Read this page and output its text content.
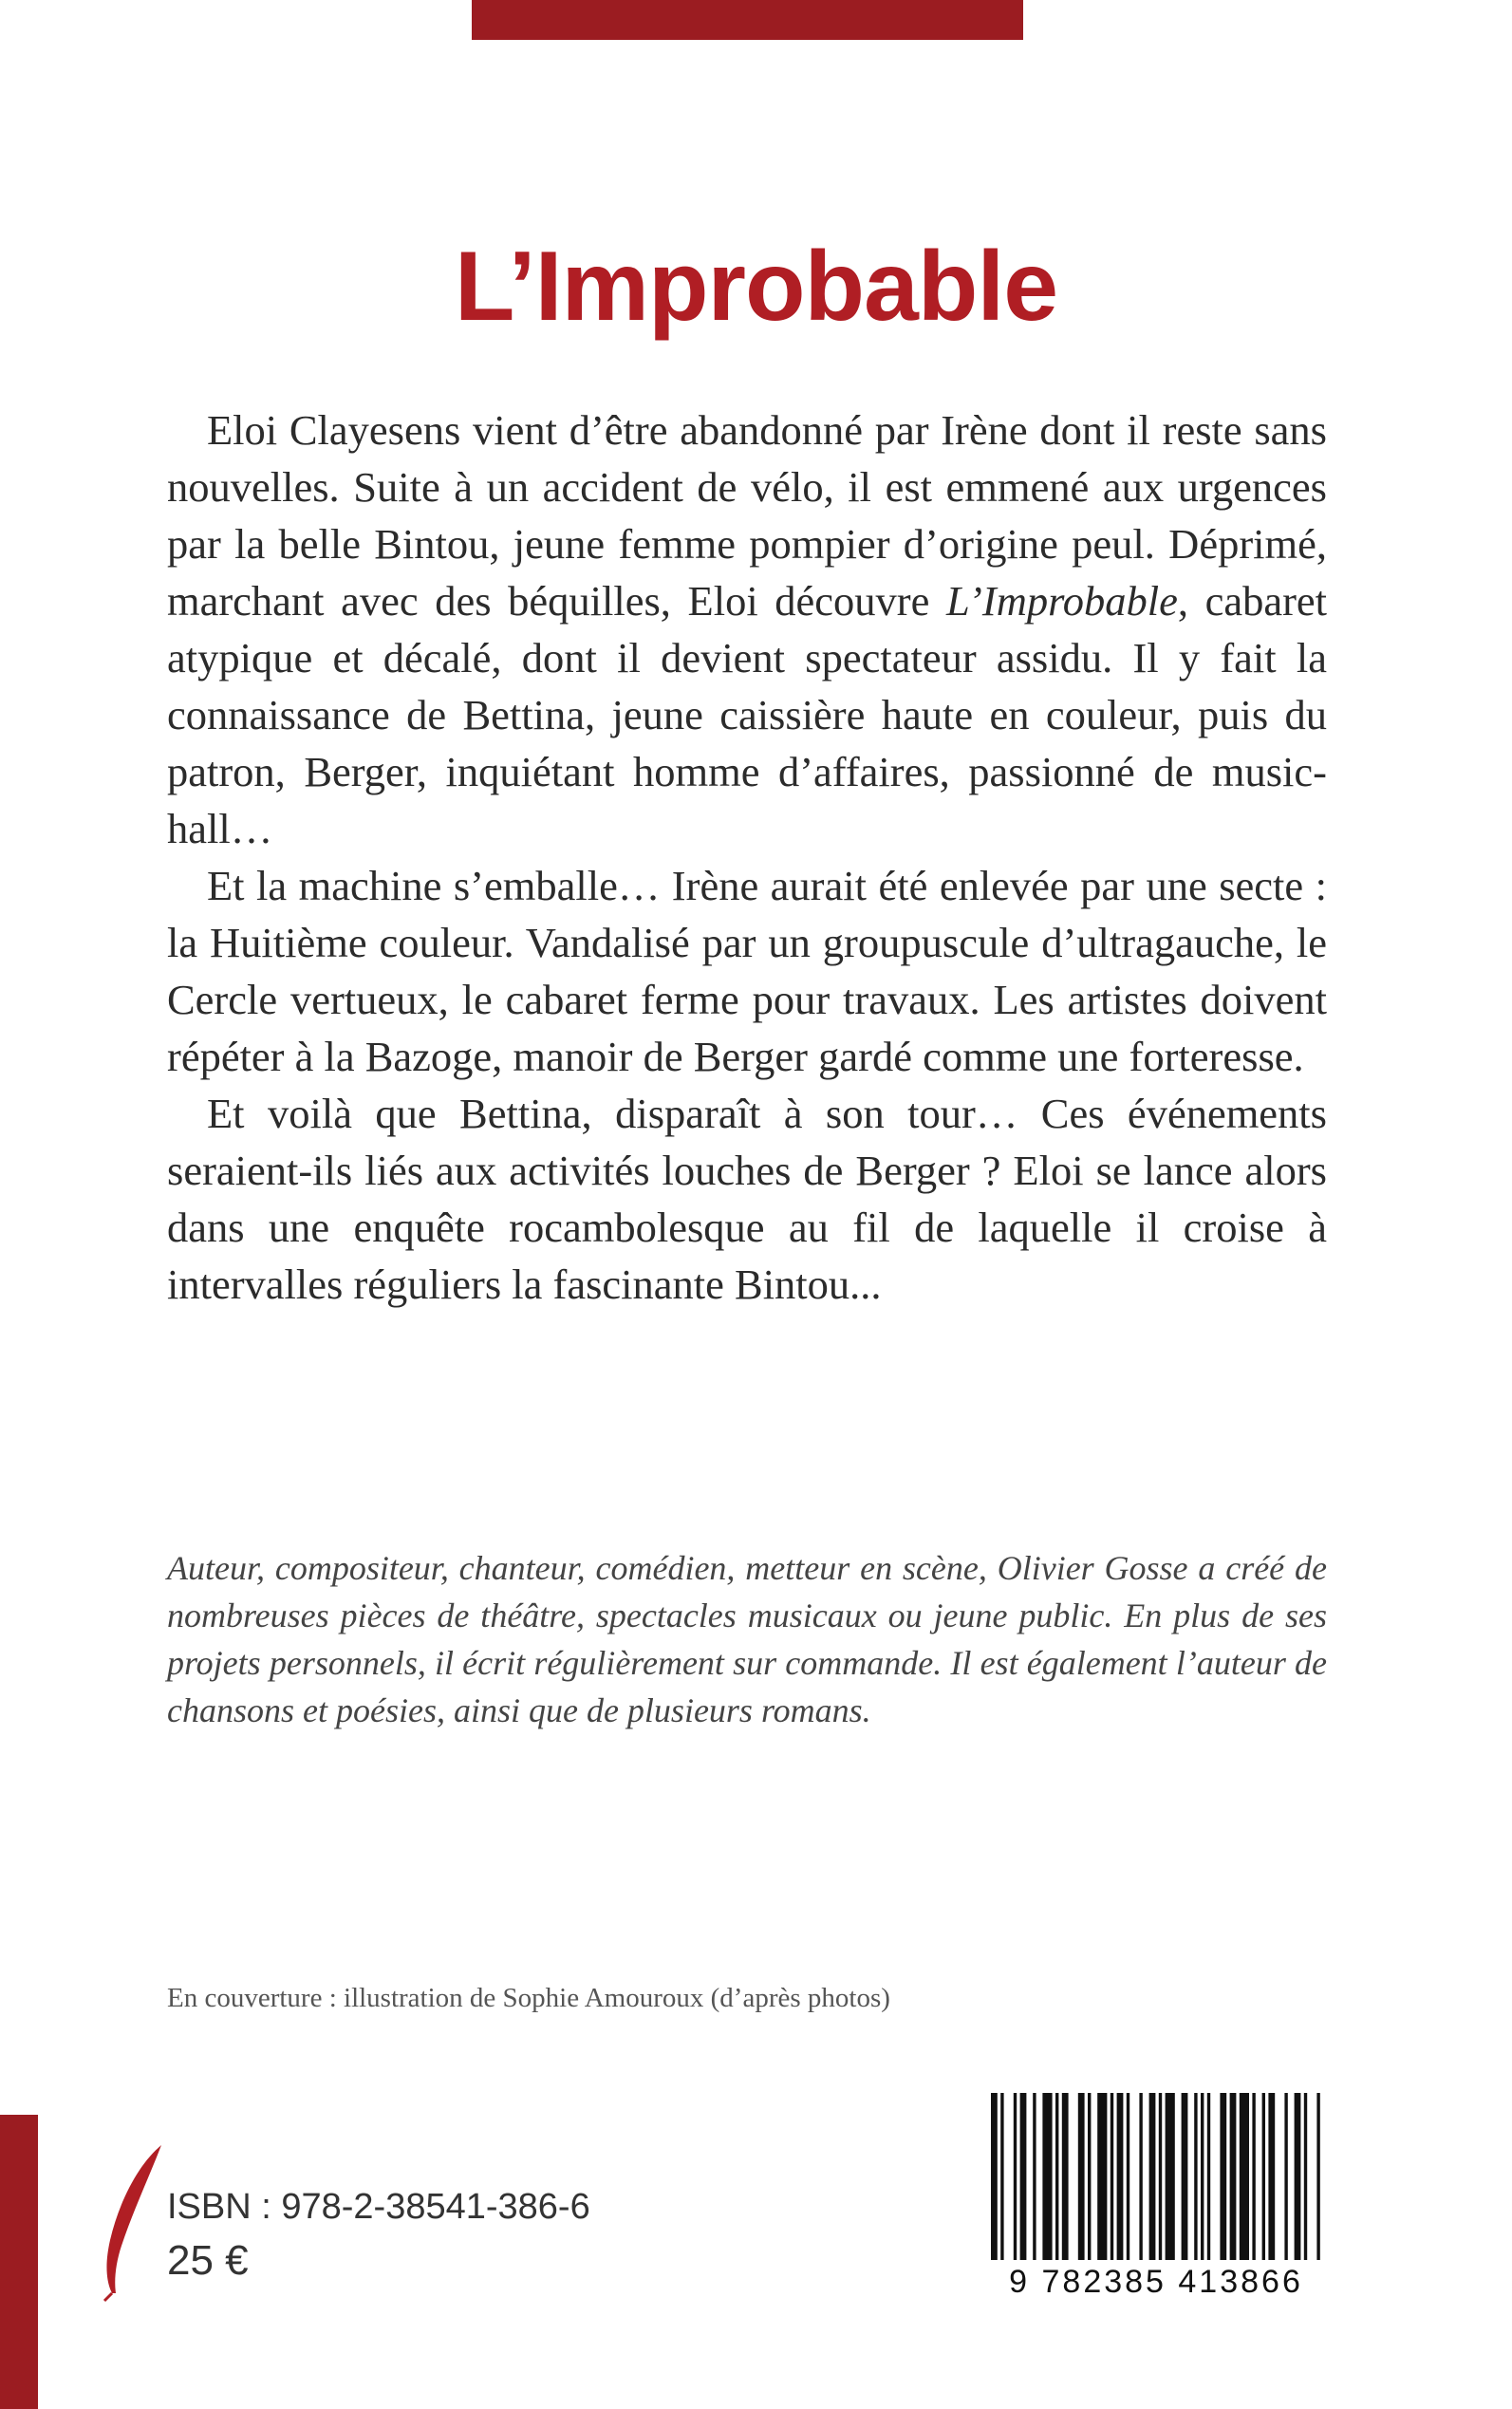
L’Improbable

Eloi Clayesens vient d’être abandonné par Irène dont il reste sans nouvelles. Suite à un accident de vélo, il est emmené aux urgences par la belle Bintou, jeune femme pompier d’origine peul. Déprimé, marchant avec des béquilles, Eloi découvre L’Improbable, cabaret atypique et décalé, dont il devient spectateur assidu. Il y fait la connaissance de Bettina, jeune caissière haute en couleur, puis du patron, Berger, inquiétant homme d’affaires, passionné de music-hall…

Et la machine s’emballe… Irène aurait été enlevée par une secte : la Huitième couleur. Vandalisé par un groupuscule d’ultragauche, le Cercle vertueux, le cabaret ferme pour travaux. Les artistes doivent répéter à la Bazoge, manoir de Berger gardé comme une forteresse.

Et voilà que Bettina, disparaît à son tour… Ces événements seraient-ils liés aux activités louches de Berger ? Eloi se lance alors dans une enquête rocambolesque au fil de laquelle il croise à intervalles réguliers la fascinante Bintou...

Auteur, compositeur, chanteur, comédien, metteur en scène, Olivier Gosse a créé de nombreuses pièces de théâtre, spectacles musicaux ou jeune public. En plus de ses projets personnels, il écrit régulièrement sur commande. Il est également l’auteur de chansons et poésies, ainsi que de plusieurs romans.

En couverture : illustration de Sophie Amouroux (d’après photos)
ISBN : 978-2-38541-386-6
25 €	9 782385 413866
